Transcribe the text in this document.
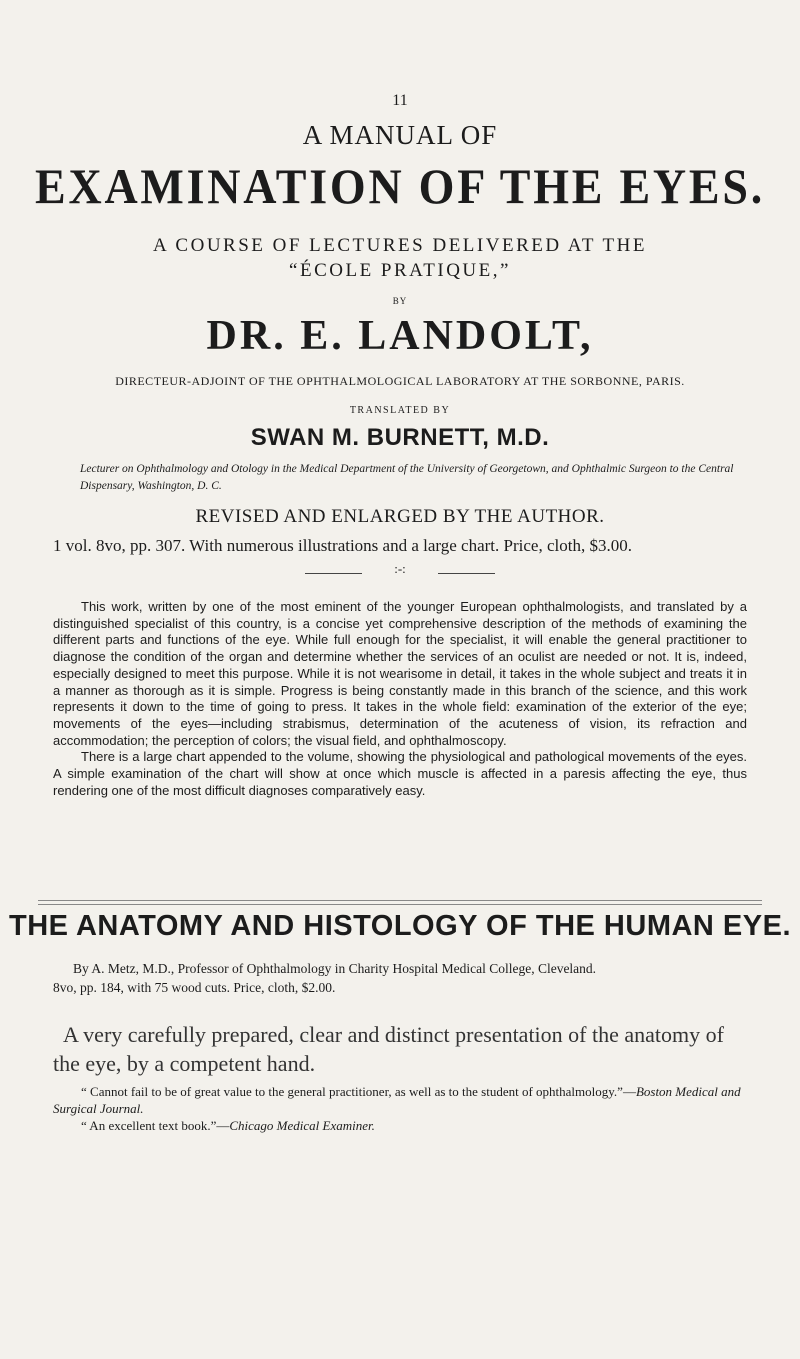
11
A MANUAL OF
EXAMINATION OF THE EYES.
A COURSE OF LECTURES DELIVERED AT THE
“ÉCOLE PRATIQUE,”
BY
DR. E. LANDOLT,
DIRECTEUR-ADJOINT OF THE OPHTHALMOLOGICAL LABORATORY AT THE SORBONNE, PARIS.
TRANSLATED BY
SWAN M. BURNETT, M.D.
Lecturer on Ophthalmology and Otology in the Medical Department of the University of Georgetown, and Ophthalmic Surgeon to the Central Dispensary, Washington, D. C.
REVISED AND ENLARGED BY THE AUTHOR.
1 vol. 8vo, pp. 307. With numerous illustrations and a large chart. Price, cloth, $3.00.
:-:

This work, written by one of the most eminent of the younger European ophthalmologists, and translated by a distinguished specialist of this country, is a concise yet comprehensive description of the methods of examining the different parts and functions of the eye. While full enough for the specialist, it will enable the general practitioner to diagnose the condition of the organ and determine whether the services of an oculist are needed or not. It is, indeed, especially designed to meet this purpose. While it is not wearisome in detail, it takes in the whole subject and treats it in a manner as thorough as it is simple. Progress is being constantly made in this branch of the science, and this work represents it down to the time of going to press. It takes in the whole field: examination of the exterior of the eye; movements of the eyes—including strabismus, determination of the acuteness of vision, its refraction and accommodation; the perception of colors; the visual field, and ophthalmoscopy.

There is a large chart appended to the volume, showing the physiological and pathological movements of the eyes. A simple examination of the chart will show at once which muscle is affected in a paresis affecting the eye, thus rendering one of the most difficult diagnoses comparatively easy.

THE ANATOMY AND HISTOLOGY OF THE HUMAN EYE.

By A. Metz, M.D., Professor of Ophthalmology in Charity Hospital Medical College, Cleveland.

8vo, pp. 184, with 75 wood cuts. Price, cloth, $2.00.

A very carefully prepared, clear and distinct presentation of the anatomy of the eye, by a competent hand.

“ Cannot fail to be of great value to the general practitioner, as well as to the student of ophthalmology.”—Boston Medical and Surgical Journal.

“ An excellent text book.”—Chicago Medical Examiner.
